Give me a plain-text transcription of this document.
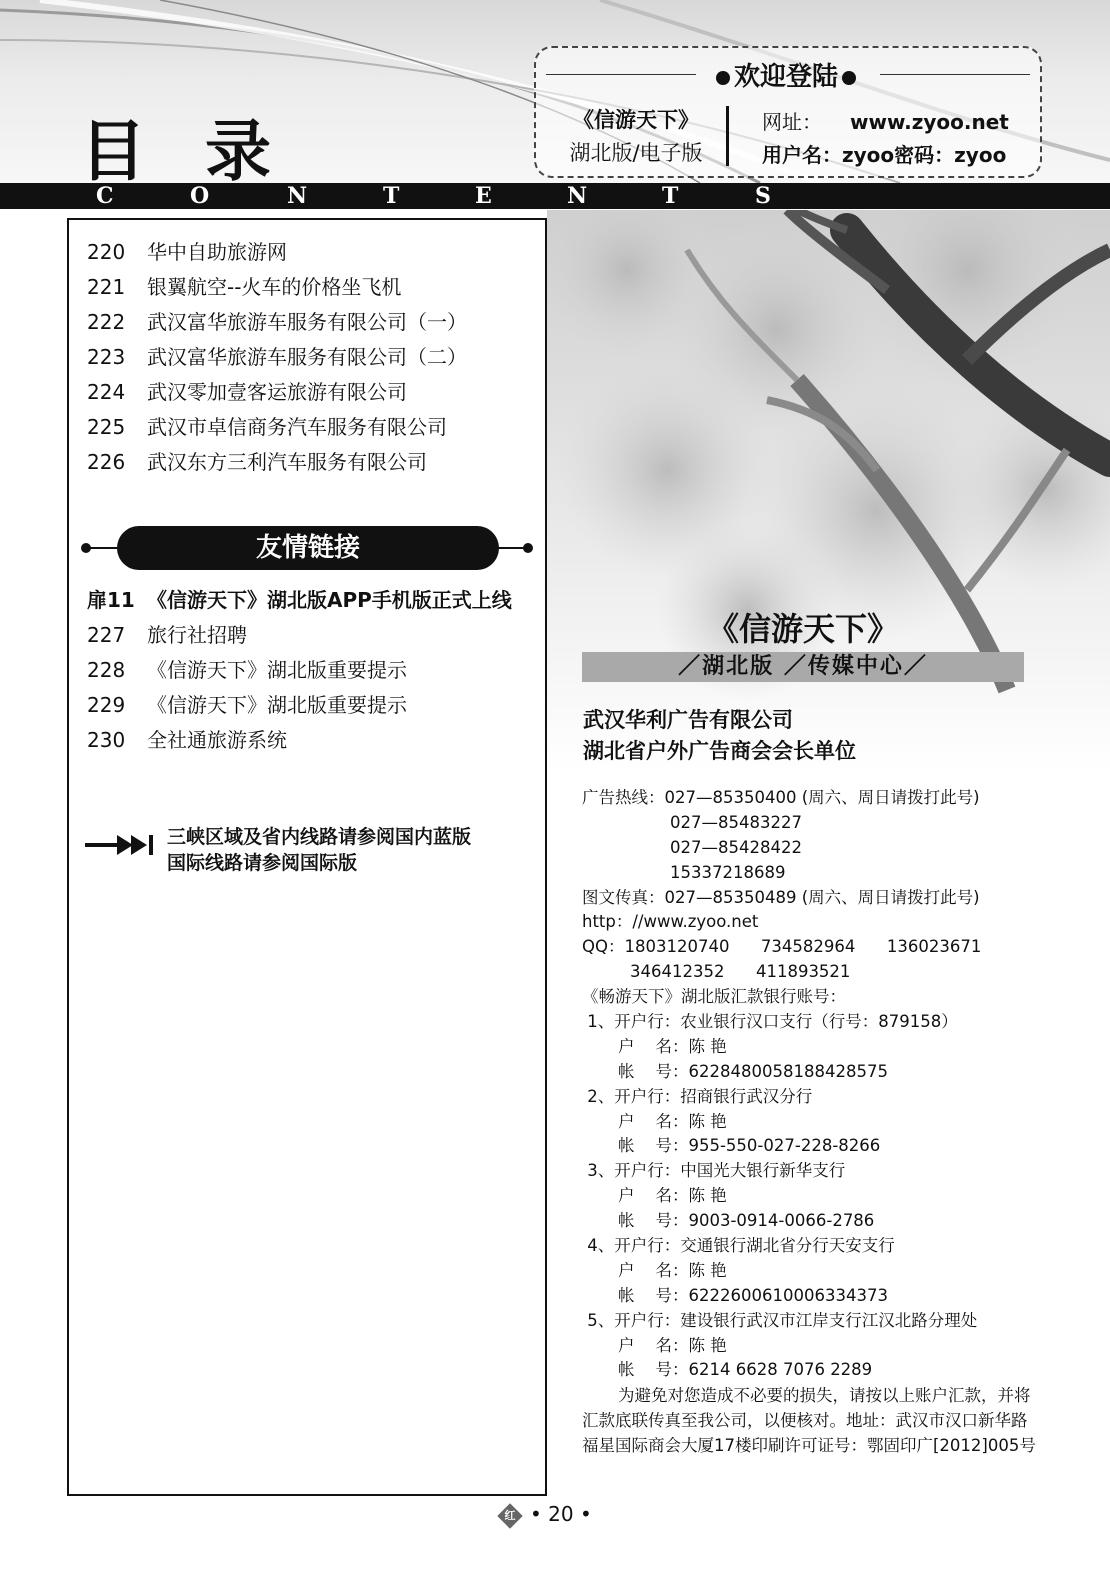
目 录
欢迎登陆
《信游天下》
湖北版/电子版
网址： www.zyoo.net
用户名：zyoo密码：zyoo
C	O	N	T	E	N	T	S
220 华中自助旅游网
221 银翼航空--火车的价格坐飞机
222 武汉富华旅游车服务有限公司（一）
223 武汉富华旅游车服务有限公司（二）
224 武汉零加壹客运旅游有限公司
225 武汉市卓信商务汽车服务有限公司
226 武汉东方三利汽车服务有限公司
友情链接
扉11 《信游天下》湖北版APP手机版正式上线
227 旅行社招聘
228 《信游天下》湖北版重要提示
229 《信游天下》湖北版重要提示
230 全社通旅游系统
三峡区域及省内线路请参阅国内蓝版
国际线路请参阅国际版
《信游天下》
／湖北版 ／传媒中心／
武汉华利广告有限公司
湖北省户外广告商会会长单位
广告热线：027—85350400 (周六、周日请拨打此号)
027—85483227
027—85428422
15337218689
图文传真：027—85350489 (周六、周日请拨打此号)
http：//www.zyoo.net
QQ：1803120740      734582964      136023671
346412352      411893521
《畅游天下》湖北版汇款银行账号：
1、开户行：农业银行汉口支行（行号：879158）
户    名：陈 艳
帐    号：6228480058188428575
2、开户行：招商银行武汉分行
户    名：陈 艳
帐    号：955-550-027-228-8266
3、开户行：中国光大银行新华支行
户    名：陈 艳
帐    号：9003-0914-0066-2786
4、开户行：交通银行湖北省分行天安支行
户    名：陈 艳
帐    号：6222600610006334373
5、开户行：建设银行武汉市江岸支行江汉北路分理处
户    名：陈 艳
帐    号：6214 6628 7076 2289
为避免对您造成不必要的损失，请按以上账户汇款，并将汇款底联传真至我公司，以便核对。地址：武汉市汉口新华路福星国际商会大厦17楼印刷许可证号：鄂固印广[2012]005号
红 • 20 •
